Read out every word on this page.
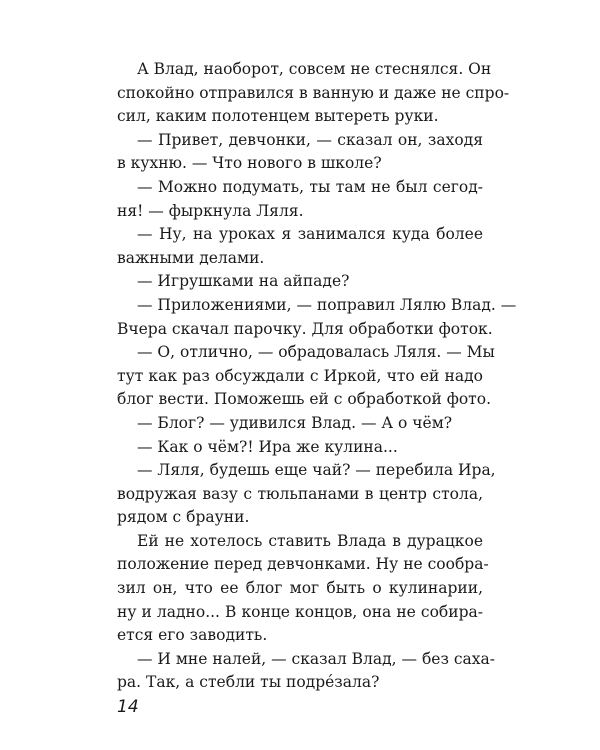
А Влад, наоборот, совсем не стеснялся. Он
спокойно отправился в ванную и даже не спро-
сил, каким полотенцем вытереть руки.
— Привет, девчонки, — сказал он, заходя
в кухню. — Что нового в школе?
— Можно подумать, ты там не был сегод-
ня! — фыркнула Ляля.
— Ну, на уроках я занимался куда более
важными делами.
— Игрушками на айпаде?
— Приложениями, — поправил Лялю Влад. —
Вчера скачал парочку. Для обработки фоток.
— О, отлично, — обрадовалась Ляля. — Мы
тут как раз обсуждали с Иркой, что ей надо
блог вести. Поможешь ей с обработкой фото.
— Блог? — удивился Влад. — А о чём?
— Как о чём?! Ира же кулина...
— Ляля, будешь еще чай? — перебила Ира,
водружая вазу с тюльпанами в центр стола,
рядом с брауни.
Ей не хотелось ставить Влада в дурацкое
положение перед девчонками. Ну не сообра-
зил он, что ее блог мог быть о кулинарии,
ну и ладно... В конце концов, она не собира-
ется его заводить.
— И мне налей, — сказал Влад, — без саха-
ра. Так, а стебли ты подрéзала?
14
